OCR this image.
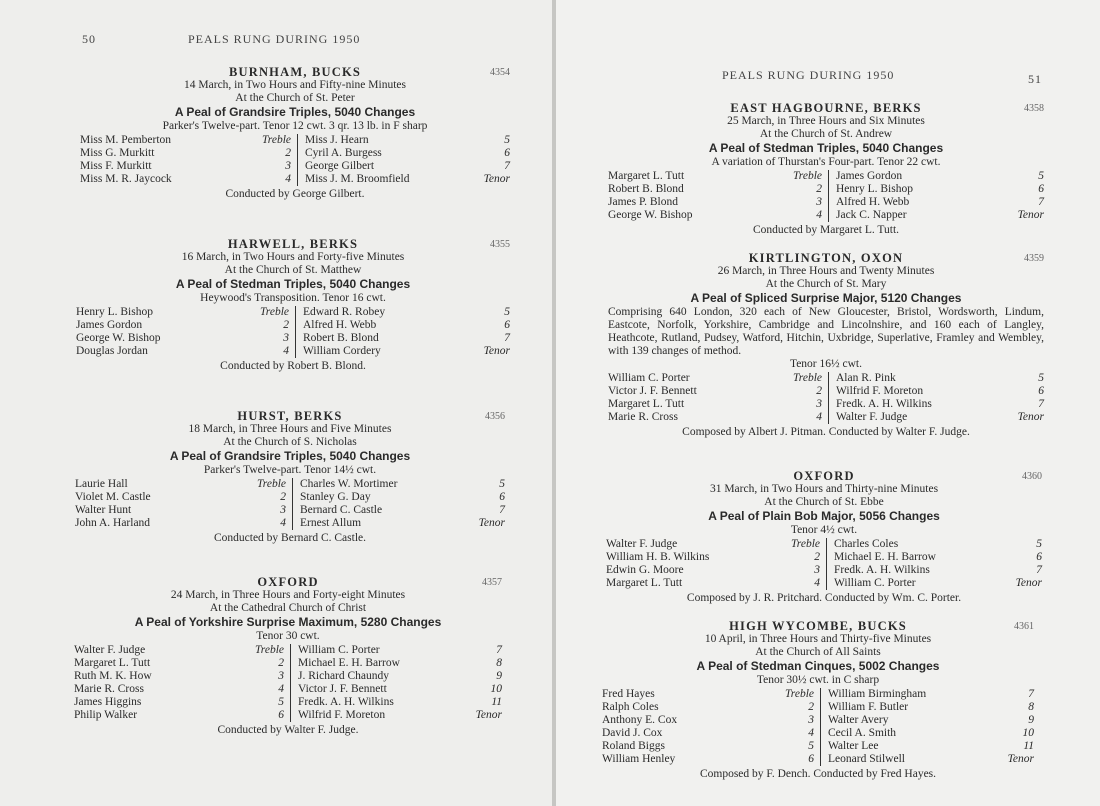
50	PEALS RUNG DURING 1950
BURNHAM, BUCKS	4354
14 March, in Two Hours and Fifty-nine Minutes
At the Church of St. Peter
A Peal of Grandsire Triples, 5040 Changes
Parker's Twelve-part. Tenor 12 cwt. 3 qr. 13 lb. in F sharp
Miss M. Pemberton	Treble Miss J. Hearn	5
Miss G. Murkitt	2 Cyril A. Burgess	6
Miss F. Murkitt	3 George Gilbert	7
Miss M. R. Jaycock	4 Miss J. M. Broomfield	Tenor
Conducted by George Gilbert.
HARWELL, BERKS	4355
16 March, in Two Hours and Forty-five Minutes
At the Church of St. Matthew
A Peal of Stedman Triples, 5040 Changes
Heywood's Transposition. Tenor 16 cwt.
Henry L. Bishop	Treble Edward R. Robey	5
James Gordon	2 Alfred H. Webb	6
George W. Bishop	3 Robert B. Blond	7
Douglas Jordan	4 William Cordery	Tenor
Conducted by Robert B. Blond.
HURST, BERKS	4356
18 March, in Three Hours and Five Minutes
At the Church of S. Nicholas
A Peal of Grandsire Triples, 5040 Changes
Parker's Twelve-part. Tenor 14½ cwt.
Laurie Hall	Treble Charles W. Mortimer	5
Violet M. Castle	2 Stanley G. Day	6
Walter Hunt	3 Bernard C. Castle	7
John A. Harland	4 Ernest Allum	Tenor
Conducted by Bernard C. Castle.
OXFORD	4357
24 March, in Three Hours and Forty-eight Minutes
At the Cathedral Church of Christ
A Peal of Yorkshire Surprise Maximum, 5280 Changes
Tenor 30 cwt.
Walter F. Judge	Treble William C. Porter	7
Margaret L. Tutt	2 Michael E. H. Barrow	8
Ruth M. K. How	3 J. Richard Chaundy	9
Marie R. Cross	4 Victor J. F. Bennett	10
James Higgins	5 Fredk. A. H. Wilkins	11
Philip Walker	6 Wilfrid F. Moreton	Tenor
Conducted by Walter F. Judge.
PEALS RUNG DURING 1950	51
EAST HAGBOURNE, BERKS	4358
25 March, in Three Hours and Six Minutes
At the Church of St. Andrew
A Peal of Stedman Triples, 5040 Changes
A variation of Thurstan's Four-part. Tenor 22 cwt.
Margaret L. Tutt	Treble James Gordon	5
Robert B. Blond	2 Henry L. Bishop	6
James P. Blond	3 Alfred H. Webb	7
George W. Bishop	4 Jack C. Napper	Tenor
Conducted by Margaret L. Tutt.
KIRTLINGTON, OXON	4359
26 March, in Three Hours and Twenty Minutes
At the Church of St. Mary
A Peal of Spliced Surprise Major, 5120 Changes
Comprising 640 London, 320 each of New Gloucester, Bristol, Wordsworth, Lindum, Eastcote, Norfolk, Yorkshire, Cambridge and Lincolnshire, and 160 each of Langley, Heathcote, Rutland, Pudsey, Watford, Hitchin, Uxbridge, Superlative, Framley and Wembley, with 139 changes of method.
Tenor 16½ cwt.
William C. Porter	Treble Alan R. Pink	5
Victor J. F. Bennett	2 Wilfrid F. Moreton	6
Margaret L. Tutt	3 Fredk. A. H. Wilkins	7
Marie R. Cross	4 Walter F. Judge	Tenor
Composed by Albert J. Pitman. Conducted by Walter F. Judge.
OXFORD	4360
31 March, in Two Hours and Thirty-nine Minutes
At the Church of St. Ebbe
A Peal of Plain Bob Major, 5056 Changes
Tenor 4½ cwt.
Walter F. Judge	Treble Charles Coles	5
William H. B. Wilkins	2 Michael E. H. Barrow	6
Edwin G. Moore	3 Fredk. A. H. Wilkins	7
Margaret L. Tutt	4 William C. Porter	Tenor
Composed by J. R. Pritchard. Conducted by Wm. C. Porter.
HIGH WYCOMBE, BUCKS	4361
10 April, in Three Hours and Thirty-five Minutes
At the Church of All Saints
A Peal of Stedman Cinques, 5002 Changes
Tenor 30½ cwt. in C sharp
Fred Hayes	Treble William Birmingham	7
Ralph Coles	2 William F. Butler	8
Anthony E. Cox	3 Walter Avery	9
David J. Cox	4 Cecil A. Smith	10
Roland Biggs	5 Walter Lee	11
William Henley	6 Leonard Stilwell	Tenor
Composed by F. Dench. Conducted by Fred Hayes.
